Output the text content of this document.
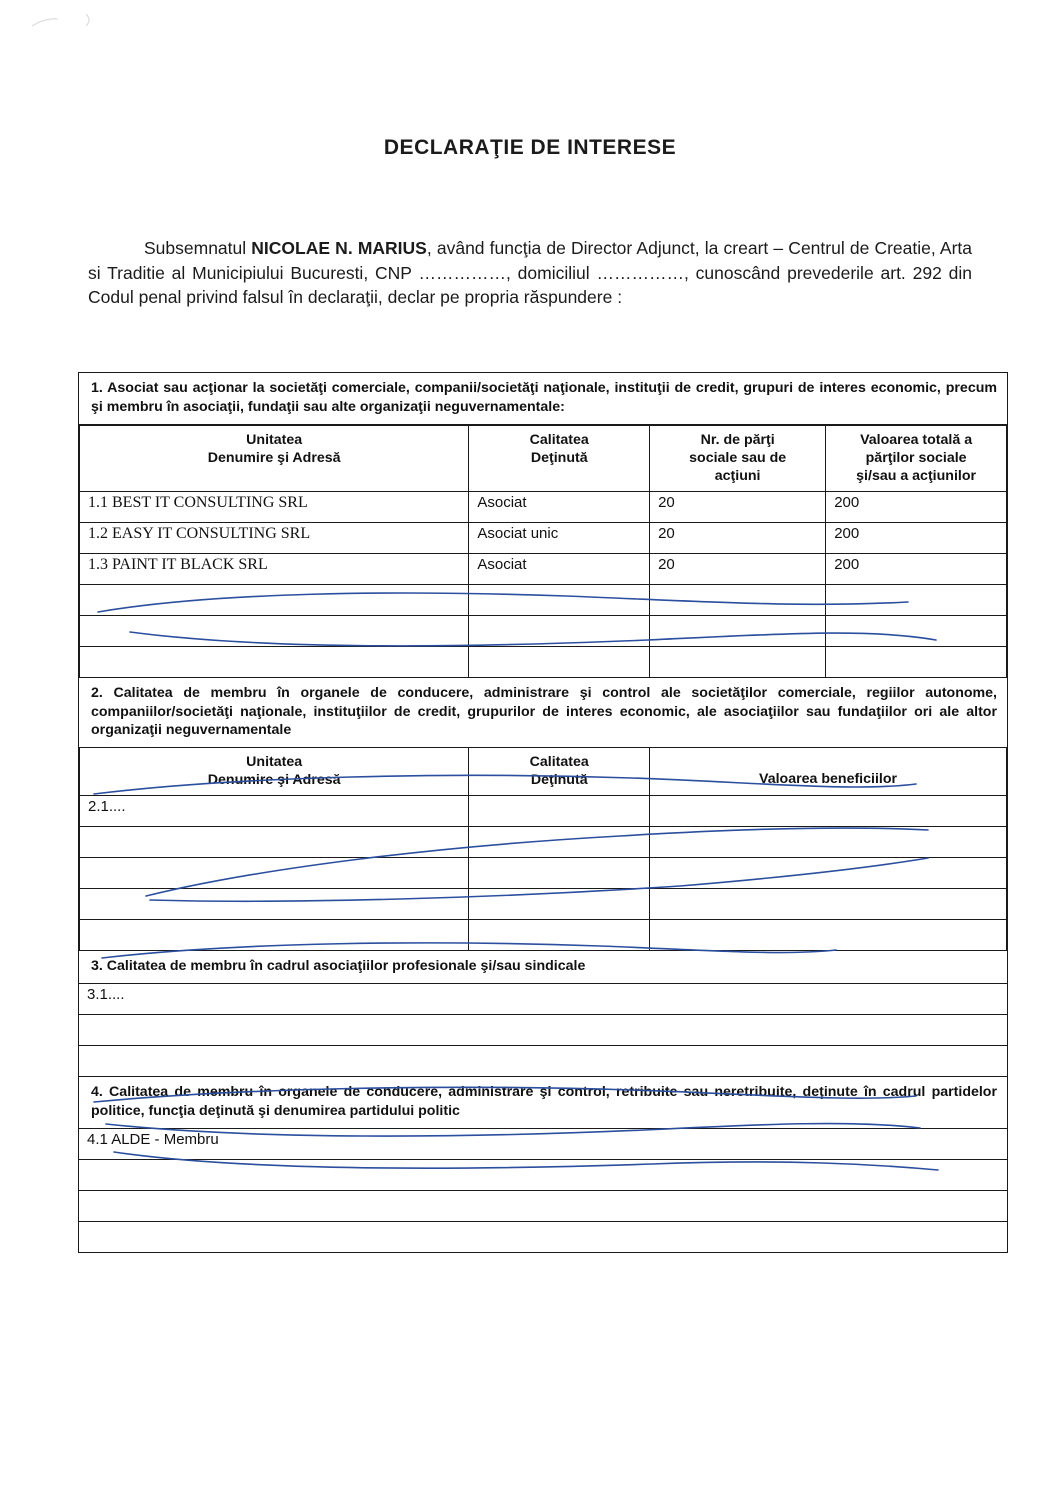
DECLARAŢIE DE INTERESE
Subsemnatul NICOLAE N. MARIUS, având funcţia de Director Adjunct, la creart – Centrul de Creatie, Arta si Traditie al Municipiului Bucuresti, CNP ……………, domiciliul ……………, cunoscând prevederile art. 292 din Codul penal privind falsul în declaraţii, declar pe propria răspundere :
1. Asociat sau acţionar la societăţi comerciale, companii/societăţi naţionale, instituţii de credit, grupuri de interes economic, precum şi membru în asociaţii, fundaţii sau alte organizaţii neguvernamentale:
Unitatea
Denumire şi Adresă

Calitatea
Deţinută

Nr. de părţi
sociale sau de
acţiuni

Valoarea totală a
părţilor sociale
şi/sau a acţiunilor

1.1 BEST IT CONSULTING SRL	Asociat	20	200
1.2 EASY IT CONSULTING SRL	Asociat unic	20	200
1.3 PAINT IT BLACK SRL	Asociat	20	200

2. Calitatea de membru în organele de conducere, administrare şi control ale societăţilor comerciale, regiilor autonome, companiilor/societăţi naţionale, instituţiilor de credit, grupurilor de interes economic, ale asociaţiilor sau fundaţiilor ori ale altor organizaţii neguvernamentale
Unitatea
Denumire şi Adresă

Calitatea
Deţinută	Valoarea beneficiilor

2.1....		

3. Calitatea de membru în cadrul asociaţiilor profesionale şi/sau sindicale
3.1....

4. Calitatea de membru în organele de conducere, administrare şi control, retribuite sau neretribuite, deţinute în cadrul partidelor politice, funcţia deţinută şi denumirea partidului politic
4.1 ALDE - Membru
